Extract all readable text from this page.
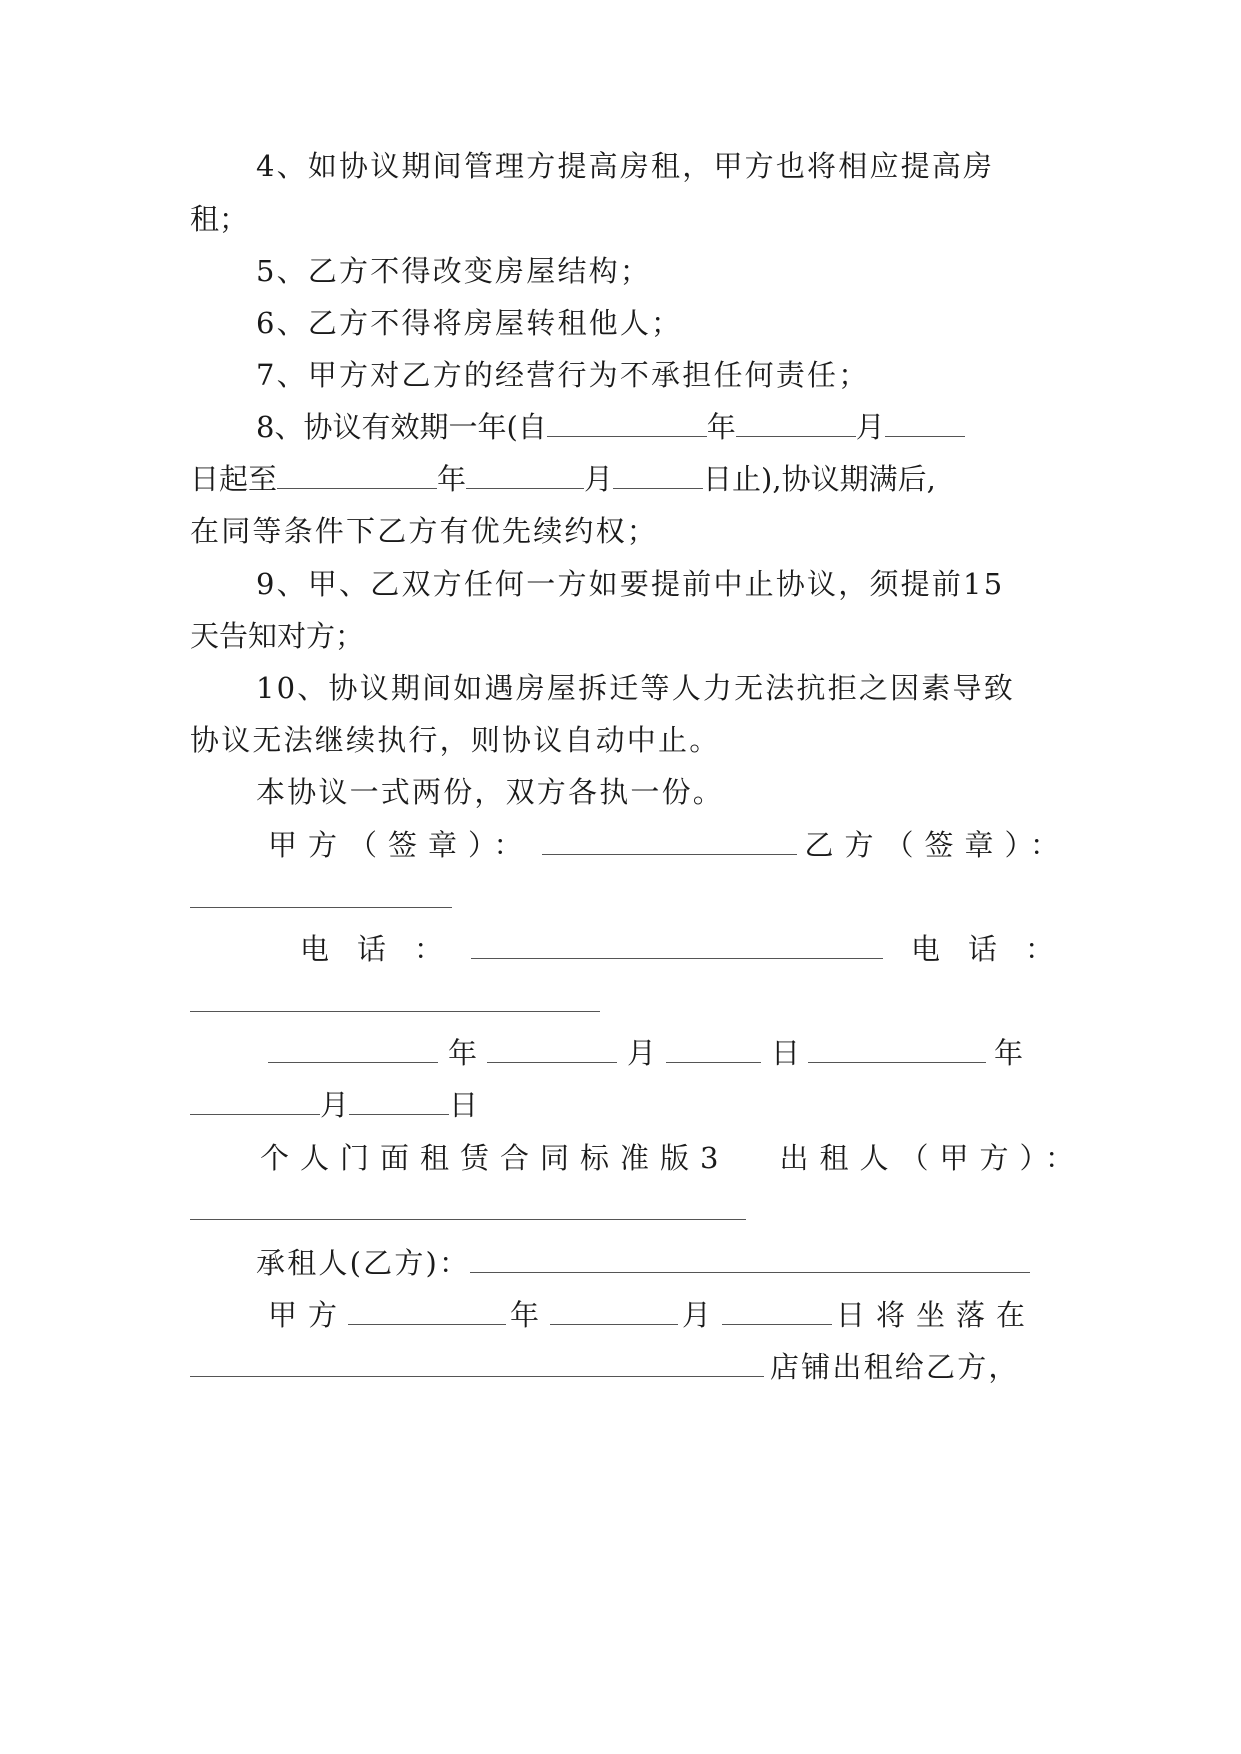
4、如协议期间管理方提高房租，甲方也将相应提高房
租；
5、乙方不得改变房屋结构；
6、乙方不得将房屋转租他人；
7、甲方对乙方的经营行为不承担任何责任；
8、协议有效期一年(自	年	月
日起至	年	月	日止),协议期满后,
在同等条件下乙方有优先续约权；
9、甲、乙双方任何一方如要提前中止协议，须提前15
天告知对方；
10、协议期间如遇房屋拆迁等人力无法抗拒之因素导致
协议无法继续执行，则协议自动中止。
本协议一式两份，双方各执一份。
甲方（签章）：	乙方（签章）：
电话：	电话：
年	月	日	年
月	日
个人门面租赁合同标准版3 出租人（甲方）：
承租人(乙方)：
甲方	年	月	日将坐落在
店铺出租给乙方，
